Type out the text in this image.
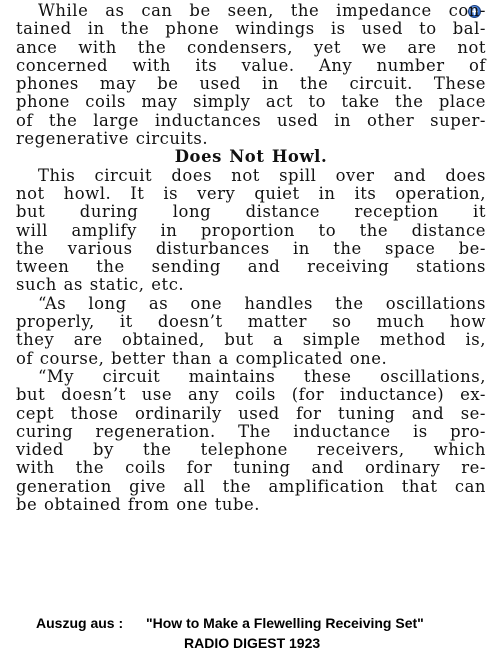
While as can be seen, the impedance con-
tained in the phone windings is used to bal-
ance with the condensers, yet we are not
concerned with its value. Any number of
phones may be used in the circuit. These
phone coils may simply act to take the place
of the large inductances used in other super-
regenerative circuits.
Does Not Howl.
This circuit does not spill over and does
not howl. It is very quiet in its operation,
but during long distance reception it
will amplify in proportion to the distance
the various disturbances in the space be-
tween the sending and receiving stations
such as static, etc.
“As long as one handles the oscillations
properly, it doesn’t matter so much how
they are obtained, but a simple method is,
of course, better than a complicated one.
“My circuit maintains these oscillations,
but doesn’t use any coils (for inductance) ex-
cept those ordinarily used for tuning and se-
curing regeneration. The inductance is pro-
vided by the telephone receivers, which
with the coils for tuning and ordinary re-
generation give all the amplification that can
be obtained from one tube.
Auszug aus : "How to Make a Flewelling Receiving Set"
RADIO DIGEST 1923
